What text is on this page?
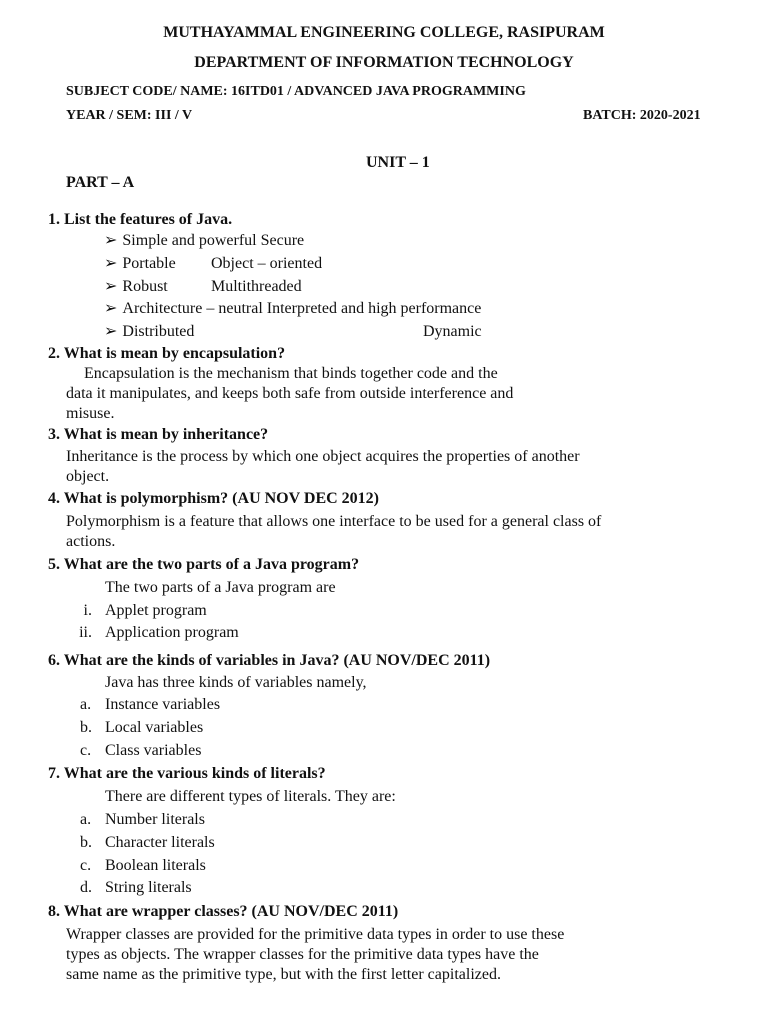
MUTHAYAMMAL ENGINEERING COLLEGE, RASIPURAM
DEPARTMENT OF INFORMATION TECHNOLOGY
SUBJECT CODE/ NAME: 16ITD01 / ADVANCED JAVA PROGRAMMING
YEAR / SEM: III / V	BATCH: 2020-2021
UNIT – 1
PART – A
1. List the features of Java.
➢ Simple and powerful Secure
➢ Portable Object – oriented
➢ Robust	Multithreaded
➢ Architecture – neutral Interpreted and high performance
➢ Distributed	Dynamic
2. What is mean by encapsulation?
Encapsulation is the mechanism that binds together code and the
data it manipulates, and keeps both safe from outside interference and
misuse.
3. What is mean by inheritance?
Inheritance is the process by which one object acquires the properties of another
object.
4. What is polymorphism? (AU NOV DEC 2012)
Polymorphism is a feature that allows one interface to be used for a general class of
actions.
5. What are the two parts of a Java program?
The two parts of a Java program are
i. Applet program
ii. Application program
6. What are the kinds of variables in Java? (AU NOV/DEC 2011)
Java has three kinds of variables namely,
a. Instance variables
b. Local variables
c. Class variables
7. What are the various kinds of literals?
There are different types of literals. They are:
a. Number literals
b. Character literals
c. Boolean literals
d. String literals
8. What are wrapper classes? (AU NOV/DEC 2011)
Wrapper classes are provided for the primitive data types in order to use these
types as objects. The wrapper classes for the primitive data types have the
same name as the primitive type, but with the first letter capitalized.
